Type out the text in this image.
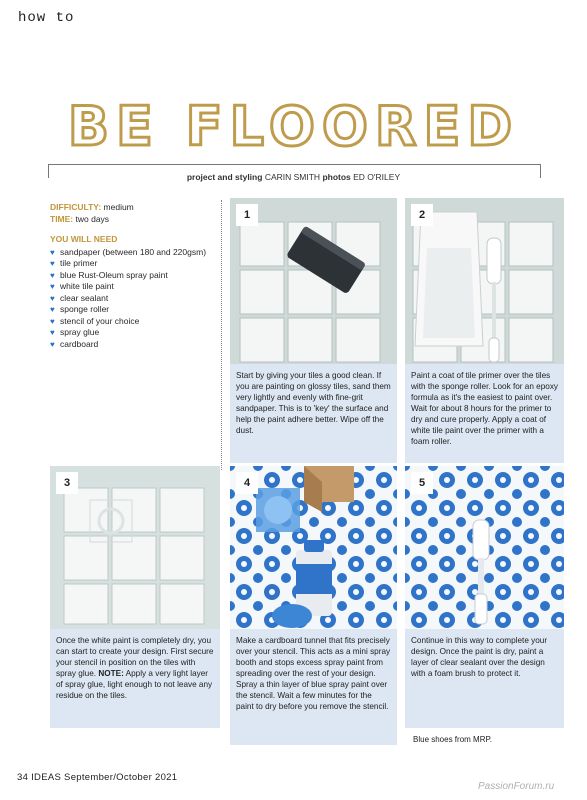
how to
BE FLOORED
project and styling CARIN SMITH photos ED O'RILEY
DIFFICULTY: medium
TIME: two days
YOU WILL NEED
♥ sandpaper (between 180 and 220gsm)
♥ tile primer
♥ blue Rust-Oleum spray paint
♥ white tile paint
♥ clear sealant
♥ sponge roller
♥ stencil of your choice
♥ spray glue
♥ cardboard
1
Start by giving your tiles a good clean. If you are painting on glossy tiles, sand them very lightly and evenly with fine-grit sandpaper. This is to 'key' the surface and help the paint adhere better. Wipe off the dust.
2
Paint a coat of tile primer over the tiles with the sponge roller. Look for an epoxy formula as it's the easiest to paint over. Wait for about 8 hours for the primer to dry and cure properly. Apply a coat of white tile paint over the primer with a foam roller.
3
Once the white paint is completely dry, you can start to create your design. First secure your stencil in position on the tiles with spray glue. NOTE: Apply a very light layer of spray glue, light enough to not leave any residue on the tiles.
4
Make a cardboard tunnel that fits precisely over your stencil. This acts as a mini spray booth and stops excess spray paint from spreading over the rest of your design. Spray a thin layer of blue spray paint over the stencil. Wait a few minutes for the paint to dry before you remove the stencil.
5
Continue in this way to complete your design. Once the paint is dry, paint a layer of clear sealant over the design with a foam brush to protect it.
Blue shoes from MRP.
34 IDEAS September/October 2021
PassionForum.ru
